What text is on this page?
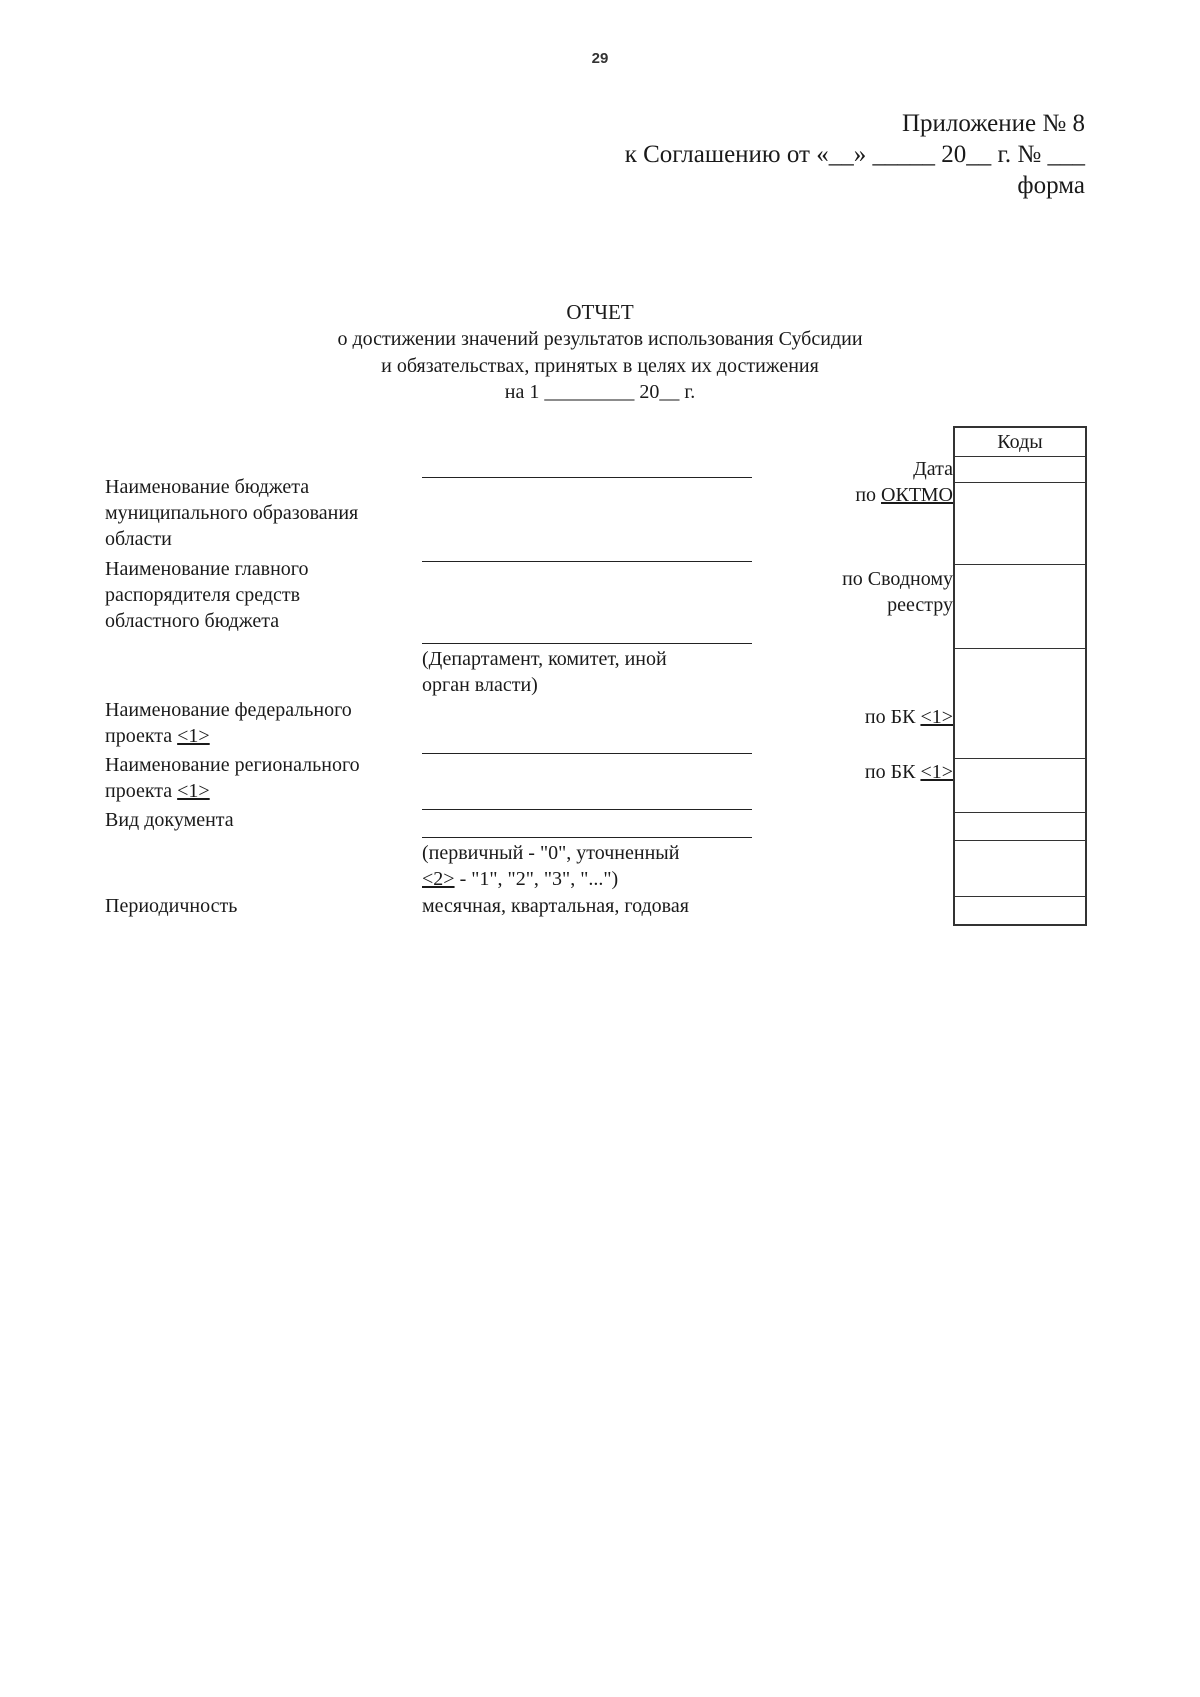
29
Приложение № 8
к Соглашению от «__» _____ 20__ г. № ___
форма
ОТЧЕТ
о достижении значений результатов использования Субсидии
и обязательствах, принятых в целях их достижения
на 1 _________ 20__ г.
Наименование бюджета
муниципального образования
области
Наименование главного
распорядителя средств
областного бюджета
Наименование федерального
проекта <1>
Наименование регионального
проекта <1>
Вид документа
Периодичность
(Департамент, комитет, иной
орган власти)
(первичный - "0", уточненный
<2> - "1", "2", "3", "...")
месячная, квартальная, годовая
Дата
по ОКТМО
по Сводному
реестру
по БК <1>
по БК <1>
Коды
